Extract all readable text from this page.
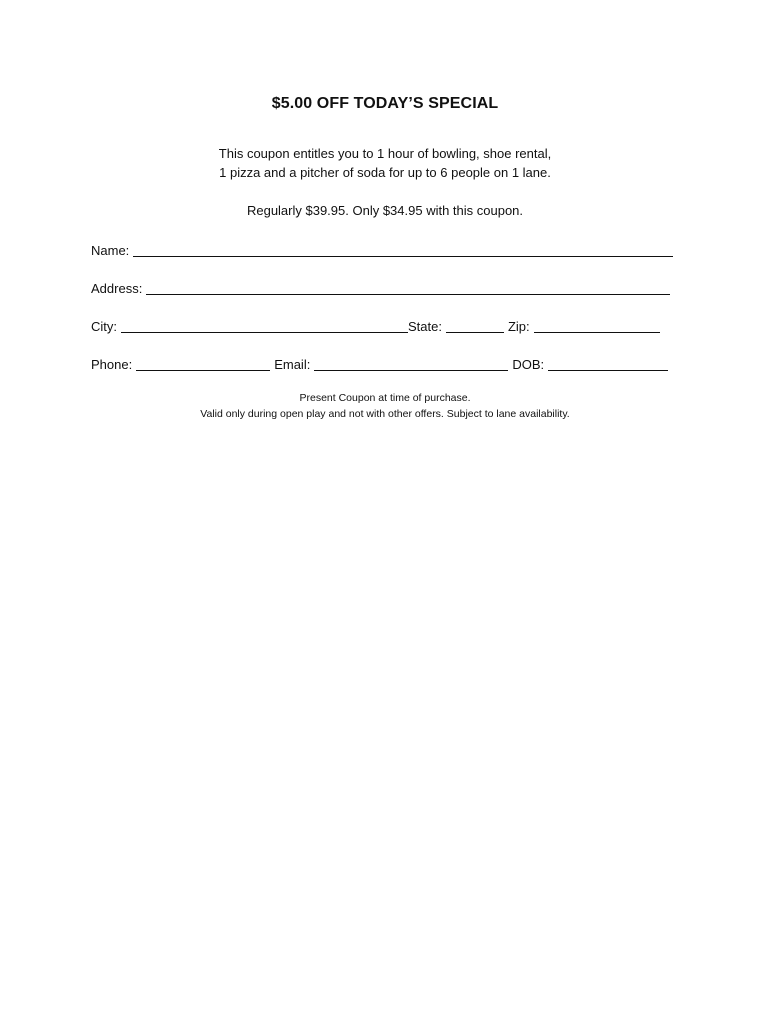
$5.00 OFF TODAY’S SPECIAL
This coupon entitles you to 1 hour of bowling, shoe rental,
1 pizza and a pitcher of soda for up to 6 people on 1 lane.
Regularly $39.95. Only $34.95 with this coupon.
Name:
Address:
City:	State:	Zip:
Phone:	Email:	DOB:
Present Coupon at time of purchase.
Valid only during open play and not with other offers. Subject to lane availability.
